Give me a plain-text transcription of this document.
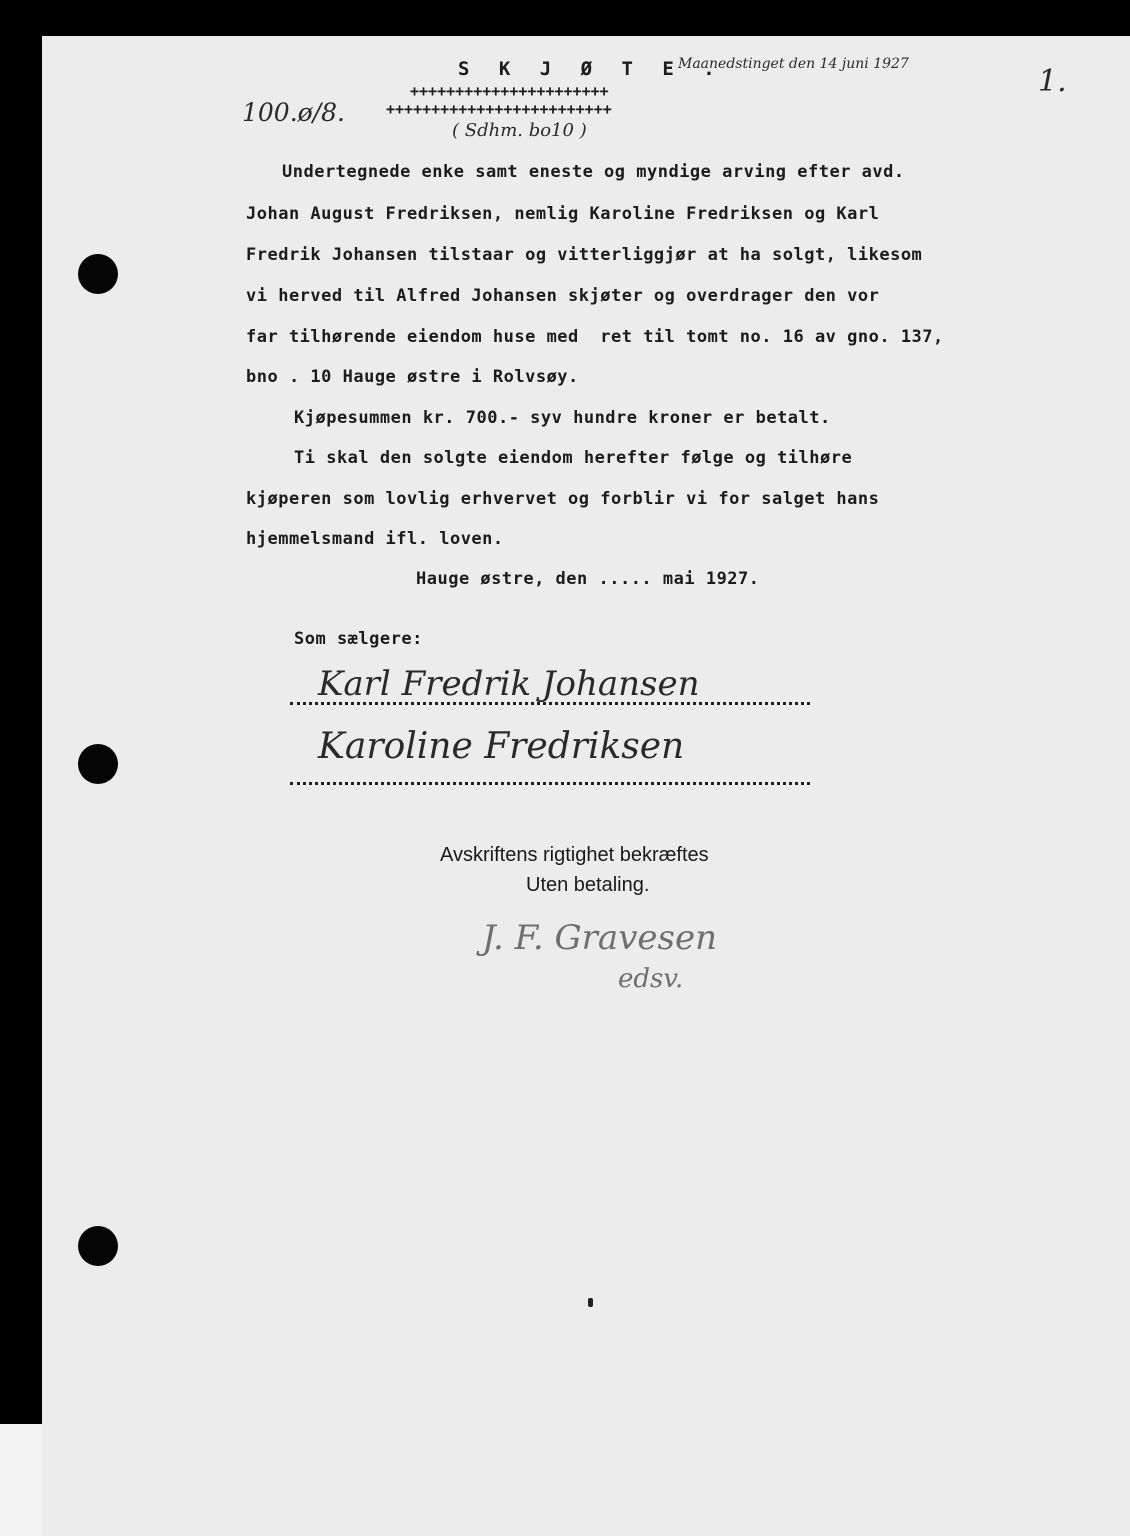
S K J Ø T E .

++++++++++++++++++++++

+++++++++++++++++++++++++

100.ø/8.

( Sdhm. bo10 )

Maanedstinget den 14 juni 1927	1.

Undertegnede enke samt eneste og myndige arving efter avd.

Johan August Fredriksen, nemlig Karoline Fredriksen og Karl

Fredrik Johansen tilstaar og vitterliggjør at ha solgt, likesom

vi herved til Alfred Johansen skjøter og overdrager den vor

far tilhørende eiendom huse med  ret til tomt no. 16 av gno. 137,

bno . 10 Hauge østre i Rolvsøy.

Kjøpesummen kr. 700.- syv hundre kroner er betalt.

Ti skal den solgte eiendom herefter følge og tilhøre

kjøperen som lovlig erhvervet og forblir vi for salget hans

hjemmelsmand ifl. loven.

Hauge østre, den ..... mai 1927.

Som sælgere:

Karl Fredrik Johansen

Karoline Fredriksen

Avskriftens rigtighet bekræftes

Uten betaling.

J. F. Gravesen

edsv.
